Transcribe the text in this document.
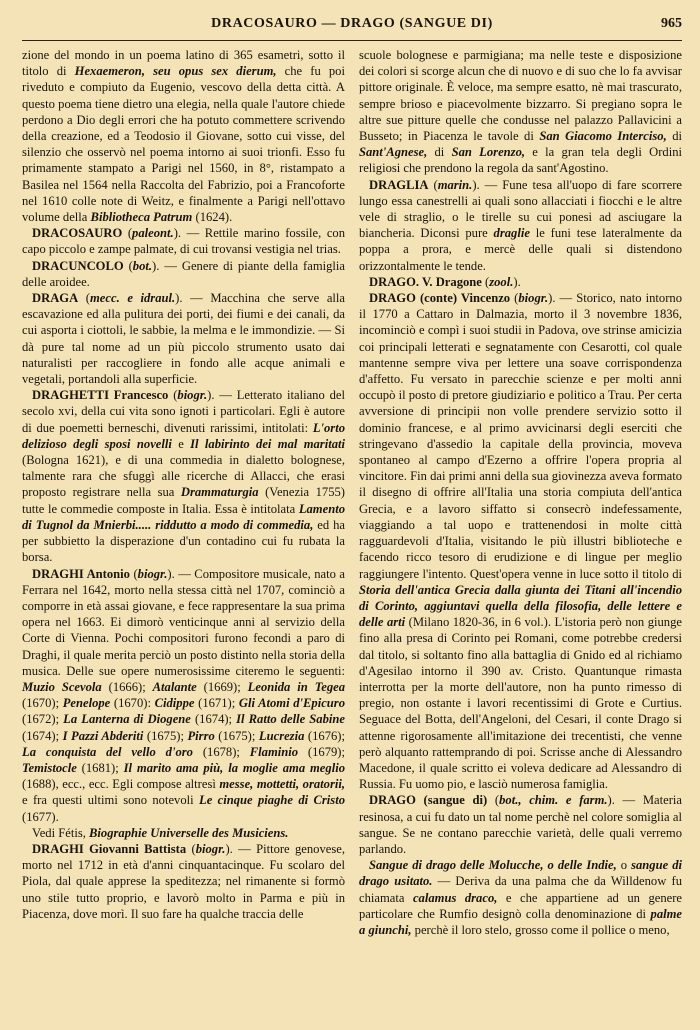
DRACOSAURO — DRAGO (SANGUE DI)	965

zione del mondo in un poema latino di 365 esametri, sotto il titolo di Hexaemeron, seu opus sex dierum, che fu poi riveduto e compiuto da Eugenio, vescovo della detta città. A questo poema tiene dietro una elegia, nella quale l'autore chiede perdono a Dio degli errori che ha potuto commettere scrivendo della creazione, ed a Teodosio il Giovane, sotto cui visse, del silenzio che osservò nel poema intorno ai suoi trionfi. Esso fu primamente stampato a Parigi nel 1560, in 8°, ristampato a Basilea nel 1564 nella Raccolta del Fabrizio, poi a Francoforte nel 1610 colle note di Weitz, e finalmente a Parigi nell'ottavo volume della Bibliotheca Patrum (1624).

DRACOSAURO (paleont.). — Rettile marino fossile, con capo piccolo e zampe palmate, di cui trovansi vestigia nel trias.

DRACUNCOLO (bot.). — Genere di piante della famiglia delle aroidee.

DRAGA (mecc. e idraul.). — Macchina che serve alla escavazione ed alla pulitura dei porti, dei fiumi e dei canali, da cui asporta i ciottoli, le sabbie, la melma e le immondizie. — Si dà pure tal nome ad un più piccolo strumento usato dai naturalisti per raccogliere in fondo alle acque animali e vegetali, portandoli alla superficie.

DRAGHETTI Francesco (biogr.). — Letterato italiano del secolo xvi, della cui vita sono ignoti i particolari. Egli è autore di due poemetti berneschi, divenuti rarissimi, intitolati: L'orto delizioso degli sposi novelli e Il labirinto dei mal maritati (Bologna 1621), e di una commedia in dialetto bolognese, talmente rara che sfuggì alle ricerche di Allacci, che erasi proposto registrare nella sua Drammaturgia (Venezia 1755) tutte le commedie composte in Italia. Essa è intitolata Lamento di Tugnol da Mnierbi..... riddutto a modo di commedia, ed ha per subbietto la disperazione d'un contadino cui fu rubata la borsa.

DRAGHI Antonio (biogr.). — Compositore musicale, nato a Ferrara nel 1642, morto nella stessa città nel 1707, cominciò a comporre in età assai giovane, e fece rappresentare la sua prima opera nel 1663. Ei dimorò venticinque anni al servizio della Corte di Vienna. Pochi compositori furono fecondi a paro di Draghi, il quale merita perciò un posto distinto nella storia della musica. Delle sue opere numerosissime citeremo le seguenti: Muzio Scevola (1666); Atalante (1669); Leonida in Tegea (1670); Penelope (1670): Cidippe (1671); Gli Atomi d'Epicuro (1672); La Lanterna di Diogene (1674); Il Ratto delle Sabine (1674); I Pazzi Abderiti (1675); Pirro (1675); Lucrezia (1676); La conquista del vello d'oro (1678); Flaminio (1679); Temistocle (1681); Il marito ama più, la moglie ama meglio (1688), ecc., ecc. Egli compose altresì messe, mottetti, oratorii, e fra questi ultimi sono notevoli Le cinque piaghe di Cristo (1677).

Vedi Fétis, Biographie Universelle des Musiciens.

DRAGHI Giovanni Battista (biogr.). — Pittore genovese, morto nel 1712 in età d'anni cinquantacinque. Fu scolaro del Piola, dal quale apprese la speditezza; nel rimanente si formò uno stile tutto proprio, e lavorò molto in Parma e più in Piacenza, dove morì. Il suo fare ha qualche traccia delle

scuole bolognese e parmigiana; ma nelle teste e disposizione dei colori si scorge alcun che di nuovo e di suo che lo fa avvisar pittore originale. È veloce, ma sempre esatto, nè mai trascurato, sempre brioso e piacevolmente bizzarro. Si pregiano sopra le altre sue pitture quelle che condusse nel palazzo Pallavicini a Busseto; in Piacenza le tavole di San Giacomo Interciso, di Sant'Agnese, di San Lorenzo, e la gran tela degli Ordini religiosi che prendono la regola da sant'Agostino.

DRAGLIA (marin.). — Fune tesa all'uopo di fare scorrere lungo essa canestrelli ai quali sono allacciati i fiocchi e le altre vele di straglio, o le tirelle su cui ponesi ad asciugare la biancheria. Diconsi pure draglie le funi tese lateralmente da poppa a prora, e mercè delle quali si distendono orizzontalmente le tende.

DRAGO. V. Dragone (zool.).

DRAGO (conte) Vincenzo (biogr.). — Storico, nato intorno il 1770 a Cattaro in Dalmazia, morto il 3 novembre 1836, incominciò e compì i suoi studii in Padova, ove strinse amicizia coi principali letterati e segnatamente con Cesarotti, col quale mantenne sempre viva per lettere una soave corrispondenza d'affetto. Fu versato in parecchie scienze e per molti anni occupò il posto di pretore giudiziario e politico a Trau. Per certa avversione di principii non volle prendere servizio sotto il dominio francese, e al primo avvicinarsi degli eserciti che stringevano d'assedio la capitale della provincia, moveva spontaneo al campo d'Ezerno a offrire l'opera propria al vincitore. Fin dai primi anni della sua giovinezza aveva formato il disegno di offrire all'Italia una storia compiuta dell'antica Grecia, e a lavoro siffatto si consecrò indefessamente, viaggiando a tal uopo e trattenendosi in molte città ragguardevoli d'Italia, visitando le più illustri biblioteche e facendo ricco tesoro di erudizione e di lingue per meglio raggiungere l'intento. Quest'opera venne in luce sotto il titolo di Storia dell'antica Grecia dalla giunta dei Titani all'incendio di Corinto, aggiuntavi quella della filosofia, delle lettere e delle arti (Milano 1820-36, in 6 vol.). L'istoria però non giunge fino alla presa di Corinto pei Romani, come potrebbe credersi dal titolo, si soltanto fino alla battaglia di Gnido ed al richiamo d'Agesilao intorno il 390 av. Cristo. Quantunque rimasta interrotta per la morte dell'autore, non ha punto rimesso di pregio, non ostante i lavori recentissimi di Grote e Curtius. Seguace del Botta, dell'Angeloni, del Cesari, il conte Drago si attenne rigorosamente all'imitazione dei trecentisti, che venne però alquanto rattemprando di poi. Scrisse anche di Alessandro Macedone, il quale scritto ei voleva dedicare ad Alessandro di Russia. Fu uomo pio, e lasciò numerosa famiglia.

DRAGO (sangue di) (bot., chim. e farm.). — Materia resinosa, a cui fu dato un tal nome perchè nel colore somiglia al sangue. Se ne contano parecchie varietà, delle quali verremo parlando.

Sangue di drago delle Molucche, o delle Indie, o sangue di drago usitato. — Deriva da una palma che da Willdenow fu chiamata calamus draco, e che appartiene ad un genere particolare che Rumfio designò colla denominazione di palme a giunchi, perchè il loro stelo, grosso come il pollice o meno,
